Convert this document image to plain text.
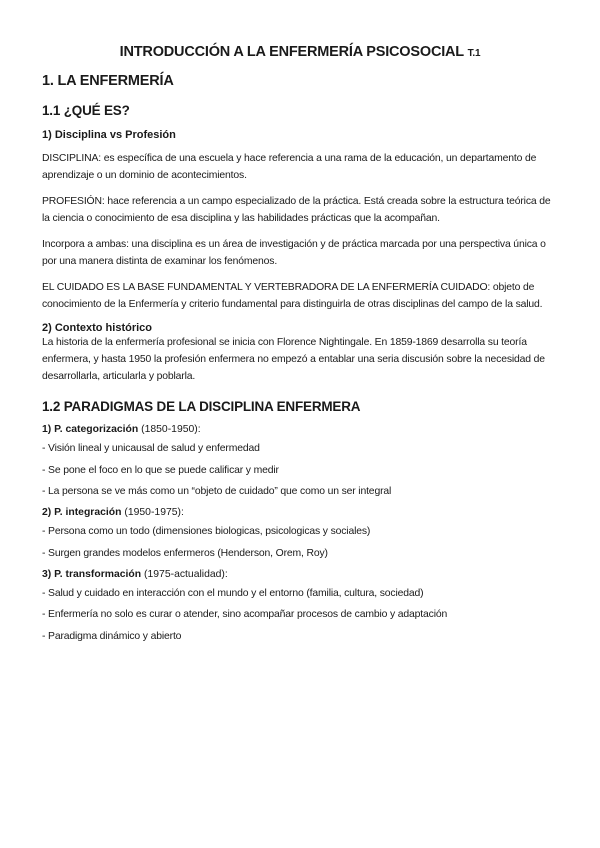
INTRODUCCIÓN A LA ENFERMERÍA PSICOSOCIAL T.1
1. LA ENFERMERÍA
1.1 ¿QUÉ ES?
1) Disciplina vs Profesión

DISCIPLINA: es específica de una escuela y hace referencia a una rama de la educación, un departamento de aprendizaje o un dominio de acontecimientos.

PROFESIÓN: hace referencia a un campo especializado de la práctica. Está creada sobre la estructura teórica de la ciencia o conocimiento de esa disciplina y las habilidades prácticas que la acompañan.

Incorpora a ambas: una disciplina es un área de investigación y de práctica marcada por una perspectiva única o por una manera distinta de examinar los fenómenos.

EL CUIDADO ES LA BASE FUNDAMENTAL Y VERTEBRADORA DE LA ENFERMERÍA CUIDADO: objeto de conocimiento de la Enfermería y criterio fundamental para distinguirla de otras disciplinas del campo de la salud.

2) Contexto histórico

La historia de la enfermería profesional se inicia con Florence Nightingale. En 1859-1869 desarrolla su teoría enfermera, y hasta 1950 la profesión enfermera no empezó a entablar una seria discusión sobre la necesidad de desarrollarla, articularla y poblarla.

1.2 PARADIGMAS DE LA DISCIPLINA ENFERMERA
1) P. categorización (1850-1950):
- Visión lineal y unicausal de salud y enfermedad
- Se pone el foco en lo que se puede calificar y medir
- La persona se ve más como un “objeto de cuidado” que como un ser integral
2) P. integración (1950-1975):
- Persona como un todo (dimensiones biologicas, psicologicas y sociales)
- Surgen grandes modelos enfermeros (Henderson, Orem, Roy)
3) P. transformación (1975-actualidad):
- Salud y cuidado en interacción con el mundo y el entorno (familia, cultura, sociedad)
- Enfermería no solo es curar o atender, sino acompañar procesos de cambio y adaptación
- Paradigma dinámico y abierto
